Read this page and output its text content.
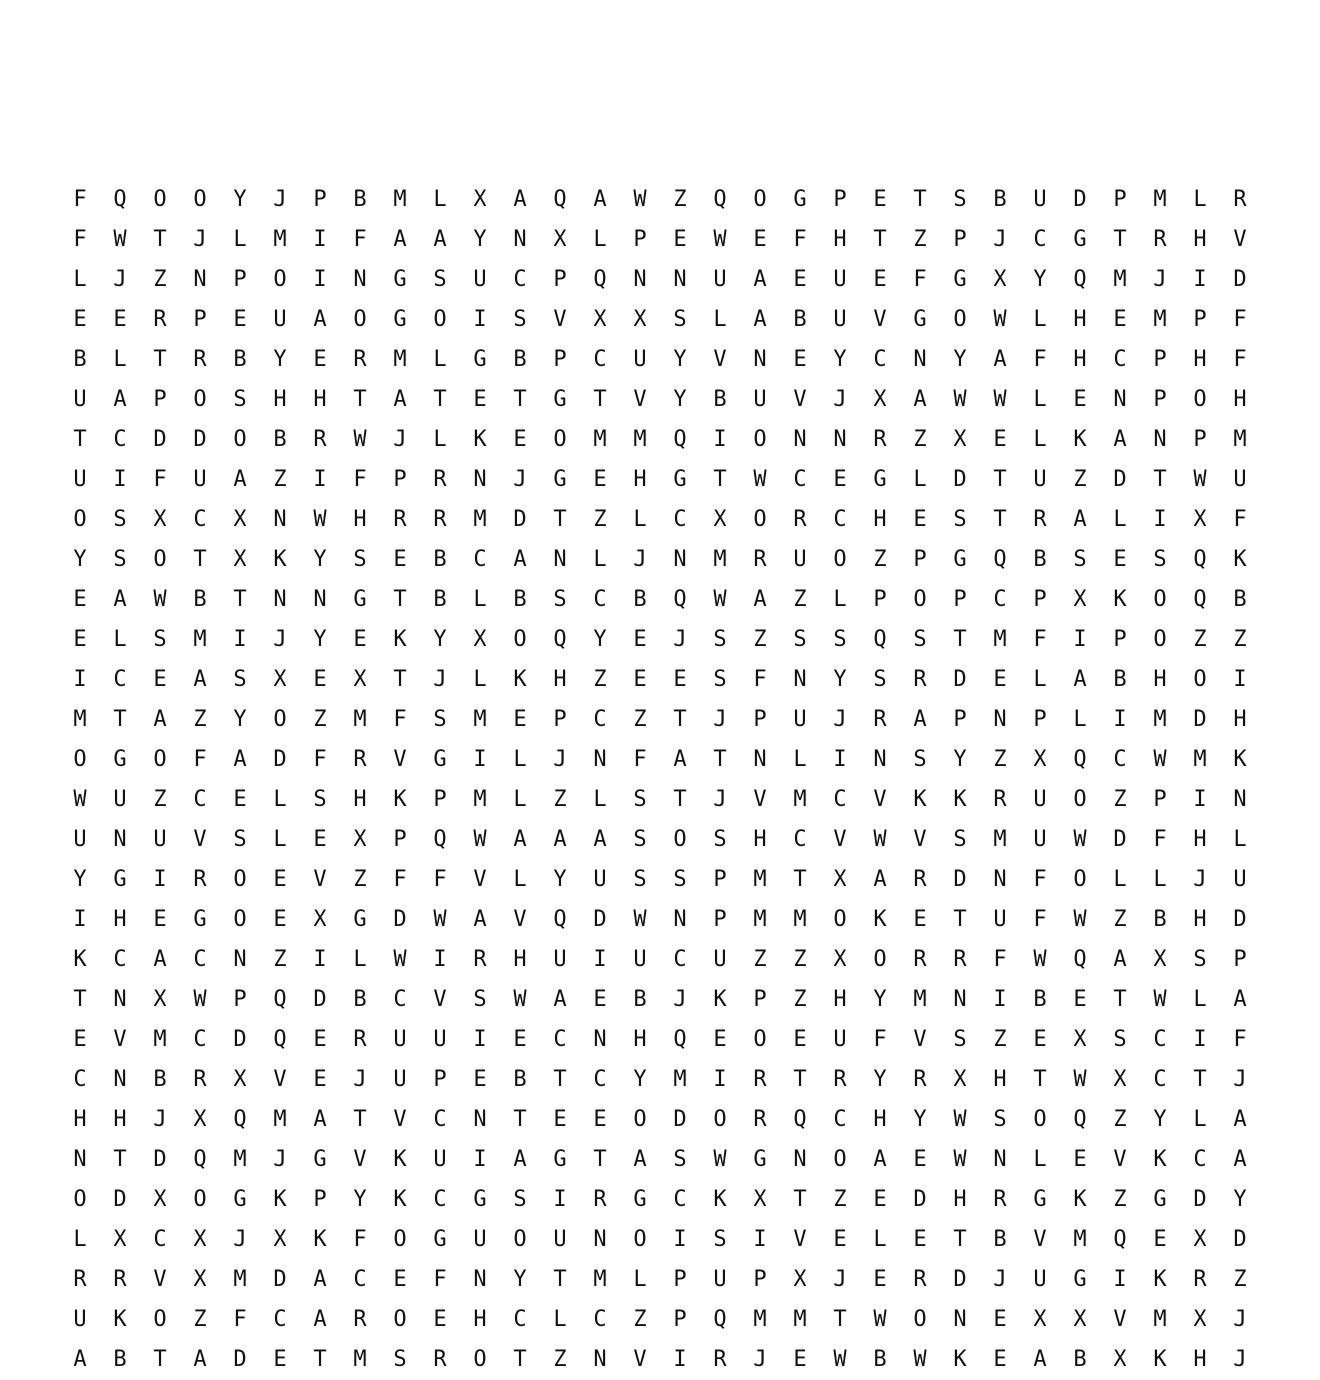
F	Q	O	O	Y	J	P	B	M	L	X	A	Q	A	W	Z	Q	O	G	P	E	T	S	B	U	D	P	M	L	R
F	W	T	J	L	M	I	F	A	A	Y	N	X	L	P	E	W	E	F	H	T	Z	P	J	C	G	T	R	H	V
L	J	Z	N	P	O	I	N	G	S	U	C	P	Q	N	N	U	A	E	U	E	F	G	X	Y	Q	M	J	I	D
E	E	R	P	E	U	A	O	G	O	I	S	V	X	X	S	L	A	B	U	V	G	O	W	L	H	E	M	P	F
B	L	T	R	B	Y	E	R	M	L	G	B	P	C	U	Y	V	N	E	Y	C	N	Y	A	F	H	C	P	H	F
U	A	P	O	S	H	H	T	A	T	E	T	G	T	V	Y	B	U	V	J	X	A	W	W	L	E	N	P	O	H
T	C	D	D	O	B	R	W	J	L	K	E	O	M	M	Q	I	O	N	N	R	Z	X	E	L	K	A	N	P	M
U	I	F	U	A	Z	I	F	P	R	N	J	G	E	H	G	T	W	C	E	G	L	D	T	U	Z	D	T	W	U
O	S	X	C	X	N	W	H	R	R	M	D	T	Z	L	C	X	O	R	C	H	E	S	T	R	A	L	I	X	F
Y	S	O	T	X	K	Y	S	E	B	C	A	N	L	J	N	M	R	U	O	Z	P	G	Q	B	S	E	S	Q	K
E	A	W	B	T	N	N	G	T	B	L	B	S	C	B	Q	W	A	Z	L	P	O	P	C	P	X	K	O	Q	B
E	L	S	M	I	J	Y	E	K	Y	X	O	Q	Y	E	J	S	Z	S	S	Q	S	T	M	F	I	P	O	Z	Z
I	C	E	A	S	X	E	X	T	J	L	K	H	Z	E	E	S	F	N	Y	S	R	D	E	L	A	B	H	O	I
M	T	A	Z	Y	O	Z	M	F	S	M	E	P	C	Z	T	J	P	U	J	R	A	P	N	P	L	I	M	D	H
O	G	O	F	A	D	F	R	V	G	I	L	J	N	F	A	T	N	L	I	N	S	Y	Z	X	Q	C	W	M	K
W	U	Z	C	E	L	S	H	K	P	M	L	Z	L	S	T	J	V	M	C	V	K	K	R	U	O	Z	P	I	N
U	N	U	V	S	L	E	X	P	Q	W	A	A	A	S	O	S	H	C	V	W	V	S	M	U	W	D	F	H	L
Y	G	I	R	O	E	V	Z	F	F	V	L	Y	U	S	S	P	M	T	X	A	R	D	N	F	O	L	L	J	U
I	H	E	G	O	E	X	G	D	W	A	V	Q	D	W	N	P	M	M	O	K	E	T	U	F	W	Z	B	H	D
K	C	A	C	N	Z	I	L	W	I	R	H	U	I	U	C	U	Z	Z	X	O	R	R	F	W	Q	A	X	S	P
T	N	X	W	P	Q	D	B	C	V	S	W	A	E	B	J	K	P	Z	H	Y	M	N	I	B	E	T	W	L	A
E	V	M	C	D	Q	E	R	U	U	I	E	C	N	H	Q	E	O	E	U	F	V	S	Z	E	X	S	C	I	F
C	N	B	R	X	V	E	J	U	P	E	B	T	C	Y	M	I	R	T	R	Y	R	X	H	T	W	X	C	T	J
H	H	J	X	Q	M	A	T	V	C	N	T	E	E	O	D	O	R	Q	C	H	Y	W	S	O	Q	Z	Y	L	A
N	T	D	Q	M	J	G	V	K	U	I	A	G	T	A	S	W	G	N	O	A	E	W	N	L	E	V	K	C	A
O	D	X	O	G	K	P	Y	K	C	G	S	I	R	G	C	K	X	T	Z	E	D	H	R	G	K	Z	G	D	Y
L	X	C	X	J	X	K	F	O	G	U	O	U	N	O	I	S	I	V	E	L	E	T	B	V	M	Q	E	X	D
R	R	V	X	M	D	A	C	E	F	N	Y	T	M	L	P	U	P	X	J	E	R	D	J	U	G	I	K	R	Z
U	K	O	Z	F	C	A	R	O	E	H	C	L	C	Z	P	Q	M	M	T	W	O	N	E	X	X	V	M	X	J
A	B	T	A	D	E	T	M	S	R	O	T	Z	N	V	I	R	J	E	W	B	W	K	E	A	B	X	K	H	J
